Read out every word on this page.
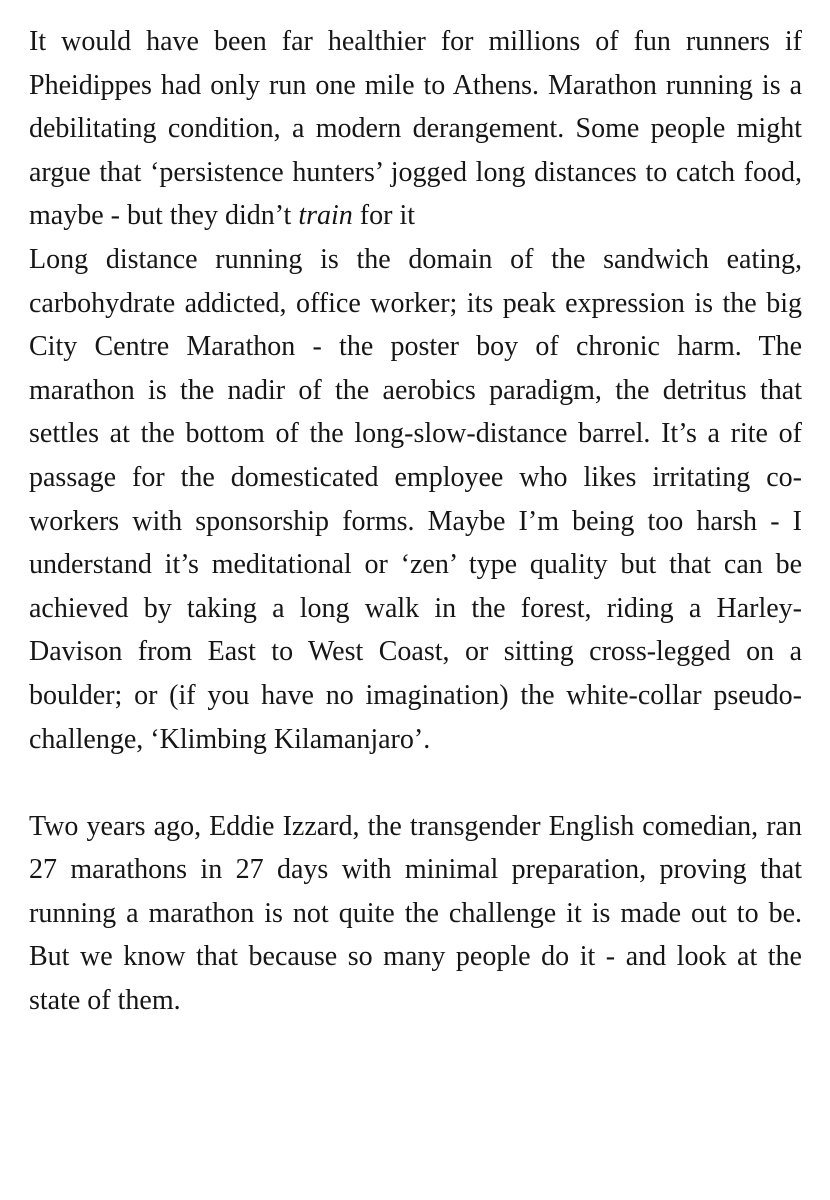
It would have been far healthier for millions of fun runners if Pheidippes had only run one mile to Athens. Marathon running is a debilitating condition, a modern derangement. Some people might argue that ‘persistence hunters’ jogged long distances to catch food, maybe - but they didn’t train for it

Long distance running is the domain of the sandwich eating, carbohydrate addicted, office worker; its peak expression is the big City Centre Marathon - the poster boy of chronic harm. The marathon is the nadir of the aerobics paradigm, the detritus that settles at the bottom of the long-slow-distance barrel. It’s a rite of passage for the domesticated employee who likes irritating co-workers with sponsorship forms. Maybe I’m being too harsh - I understand it’s meditational or ‘zen’ type quality but that can be achieved by taking a long walk in the forest, riding a Harley-Davison from East to West Coast, or sitting cross-legged on a boulder; or (if you have no imagination) the white-collar pseudo-challenge, ‘Klimbing Kilamanjaro’.

Two years ago, Eddie Izzard, the transgender English comedian, ran 27 marathons in 27 days with minimal preparation, proving that running a marathon is not quite the challenge it is made out to be. But we know that because so many people do it - and look at the state of them.
